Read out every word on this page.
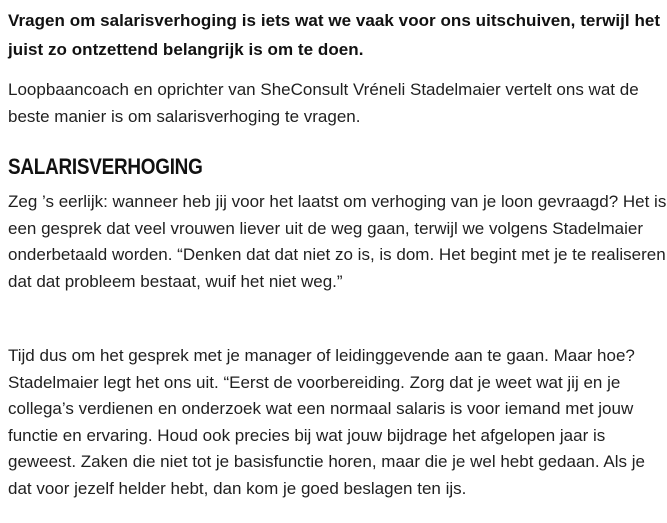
Vragen om salarisverhoging is iets wat we vaak voor ons uitschuiven, terwijl het juist zo ontzettend belangrijk is om te doen.

Loopbaancoach en oprichter van SheConsult Vréneli Stadelmaier vertelt ons wat de beste manier is om salarisverhoging te vragen.

SALARISVERHOGING

Zeg ’s eerlijk: wanneer heb jij voor het laatst om verhoging van je loon gevraagd? Het is een gesprek dat veel vrouwen liever uit de weg gaan, terwijl we volgens Stadelmaier onderbetaald worden. “Denken dat dat niet zo is, is dom. Het begint met je te realiseren dat dat probleem bestaat, wuif het niet weg.”

Tijd dus om het gesprek met je manager of leidinggevende aan te gaan. Maar hoe? Stadelmaier legt het ons uit. “Eerst de voorbereiding. Zorg dat je weet wat jij en je collega’s verdienen en onderzoek wat een normaal salaris is voor iemand met jouw functie en ervaring. Houd ook precies bij wat jouw bijdrage het afgelopen jaar is geweest. Zaken die niet tot je basisfunctie horen, maar die je wel hebt gedaan. Als je dat voor jezelf helder hebt, dan kom je goed beslagen ten ijs.
